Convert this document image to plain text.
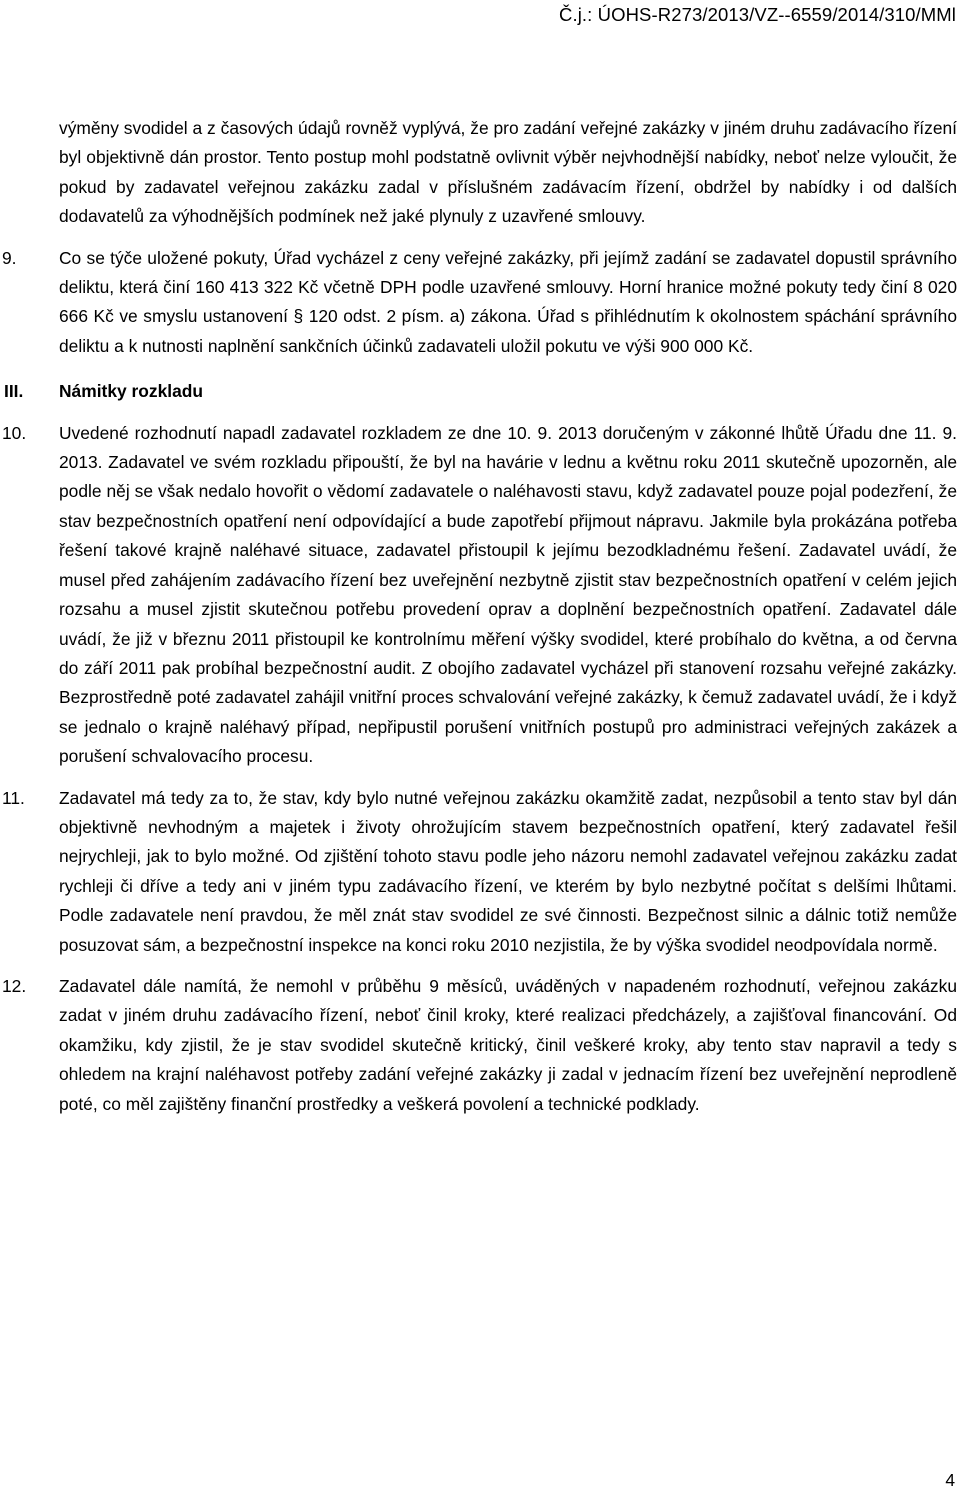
Č.j.: ÚOHS-R273/2013/VZ--6559/2014/310/MMl
výměny svodidel a z časových údajů rovněž vyplývá, že pro zadání veřejné zakázky v jiném druhu zadávacího řízení byl objektivně dán prostor. Tento postup mohl podstatně ovlivnit výběr nejvhodnější nabídky, neboť nelze vyloučit, že pokud by zadavatel veřejnou zakázku zadal v příslušném zadávacím řízení, obdržel by nabídky i od dalších dodavatelů za výhodnějších podmínek než jaké plynuly z uzavřené smlouvy.
9. Co se týče uložené pokuty, Úřad vycházel z ceny veřejné zakázky, při jejímž zadání se zadavatel dopustil správního deliktu, která činí 160 413 322 Kč včetně DPH podle uzavřené smlouvy. Horní hranice možné pokuty tedy činí 8 020 666 Kč ve smyslu ustanovení § 120 odst. 2 písm. a) zákona. Úřad s přihlédnutím k okolnostem spáchání správního deliktu a k nutnosti naplnění sankčních účinků zadavateli uložil pokutu ve výši 900 000 Kč.
III. Námitky rozkladu
10. Uvedené rozhodnutí napadl zadavatel rozkladem ze dne 10. 9. 2013 doručeným v zákonné lhůtě Úřadu dne 11. 9. 2013. Zadavatel ve svém rozkladu připouští, že byl na havárie v lednu a květnu roku 2011 skutečně upozorněn, ale podle něj se však nedalo hovořit o vědomí zadavatele o naléhavosti stavu, když zadavatel pouze pojal podezření, že stav bezpečnostních opatření není odpovídající a bude zapotřebí přijmout nápravu. Jakmile byla prokázána potřeba řešení takové krajně naléhavé situace, zadavatel přistoupil k jejímu bezodkladnému řešení. Zadavatel uvádí, že musel před zahájením zadávacího řízení bez uveřejnění nezbytně zjistit stav bezpečnostních opatření v celém jejich rozsahu a musel zjistit skutečnou potřebu provedení oprav a doplnění bezpečnostních opatření. Zadavatel dále uvádí, že již v březnu 2011 přistoupil ke kontrolnímu měření výšky svodidel, které probíhalo do května, a od června do září 2011 pak probíhal bezpečnostní audit. Z obojího zadavatel vycházel při stanovení rozsahu veřejné zakázky. Bezprostředně poté zadavatel zahájil vnitřní proces schvalování veřejné zakázky, k čemuž zadavatel uvádí, že i když se jednalo o krajně naléhavý případ, nepřipustil porušení vnitřních postupů pro administraci veřejných zakázek a porušení schvalovacího procesu.
11. Zadavatel má tedy za to, že stav, kdy bylo nutné veřejnou zakázku okamžitě zadat, nezpůsobil a tento stav byl dán objektivně nevhodným a majetek i životy ohrožujícím stavem bezpečnostních opatření, který zadavatel řešil nejrychleji, jak to bylo možné. Od zjištění tohoto stavu podle jeho názoru nemohl zadavatel veřejnou zakázku zadat rychleji či dříve a tedy ani v jiném typu zadávacího řízení, ve kterém by bylo nezbytné počítat s delšími lhůtami. Podle zadavatele není pravdou, že měl znát stav svodidel ze své činnosti. Bezpečnost silnic a dálnic totiž nemůže posuzovat sám, a bezpečnostní inspekce na konci roku 2010 nezjistila, že by výška svodidel neodpovídala normě.
12. Zadavatel dále namítá, že nemohl v průběhu 9 měsíců, uváděných v napadeném rozhodnutí, veřejnou zakázku zadat v jiném druhu zadávacího řízení, neboť činil kroky, které realizaci předcházely, a zajišťoval financování. Od okamžiku, kdy zjistil, že je stav svodidel skutečně kritický, činil veškeré kroky, aby tento stav napravil a tedy s ohledem na krajní naléhavost potřeby zadání veřejné zakázky ji zadal v jednacím řízení bez uveřejnění neprodleně poté, co měl zajištěny finanční prostředky a veškerá povolení a technické podklady.
4
